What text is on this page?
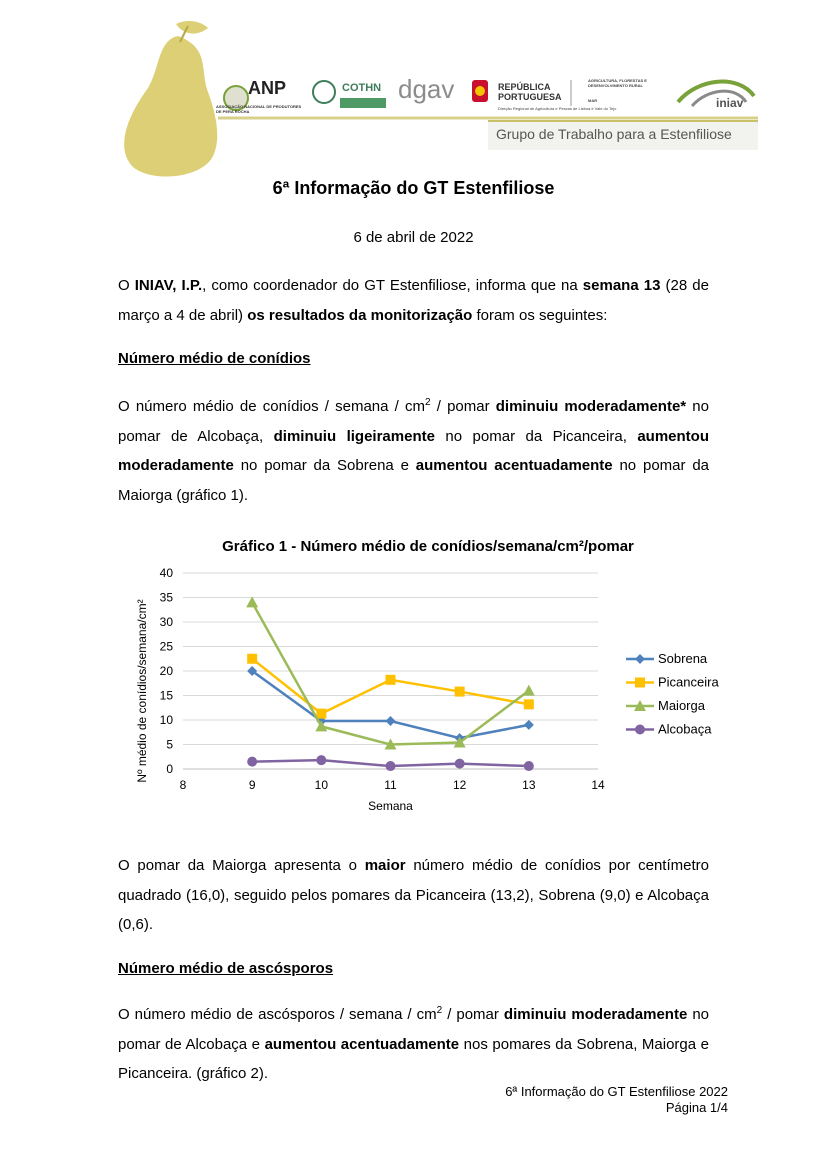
ANP
ASSOCIAÇÃO NACIONAL DE PRODUTORES DE PERA ROCHA
COTHN dgav	REPÚBLICA PORTUGUESA
AGRICULTURA, FLORESTAS E DESENVOLVIMENTO RURAL
MAR
Direção Regional de Agricultura e Pescas de Lisboa e Vale do Tejo	iniav
Grupo de Trabalho para a Estenfiliose
6ª Informação do GT Estenfiliose
6 de abril de 2022
O INIAV, I.P., como coordenador do GT Estenfiliose, informa que na semana 13 (28 de março a 4 de abril) os resultados da monitorização foram os seguintes:
Número médio de conídios
O número médio de conídios / semana / $cm^2$ / pomar diminuiu moderadamente* no pomar de Alcobaça, diminuiu ligeiramente no pomar da Picanceira, aumentou moderadamente no pomar da Sobrena e aumentou acentuadamente no pomar da Maiorga (gráfico 1).
Gráfico 1 - Número médio de conídios/semana/cm²/pomar
0
5
10
15
20
25
30
35
40
8	9	10	11	12	13	14
Semana
Nº médio de conídios/semana/cm²	Sobrena
Picanceira
Maiorga
Alcobaça
O pomar da Maiorga apresenta o maior número médio de conídios por centímetro quadrado (16,0), seguido pelos pomares da Picanceira (13,2), Sobrena (9,0) e Alcobaça (0,6).
Número médio de ascósporos
O número médio de ascósporos / semana / $cm^2$ / pomar diminuiu moderadamente no pomar de Alcobaça e aumentou acentuadamente nos pomares da Sobrena, Maiorga e Picanceira. (gráfico 2).
6ª Informação do GT Estenfiliose 2022
Página 1/4
